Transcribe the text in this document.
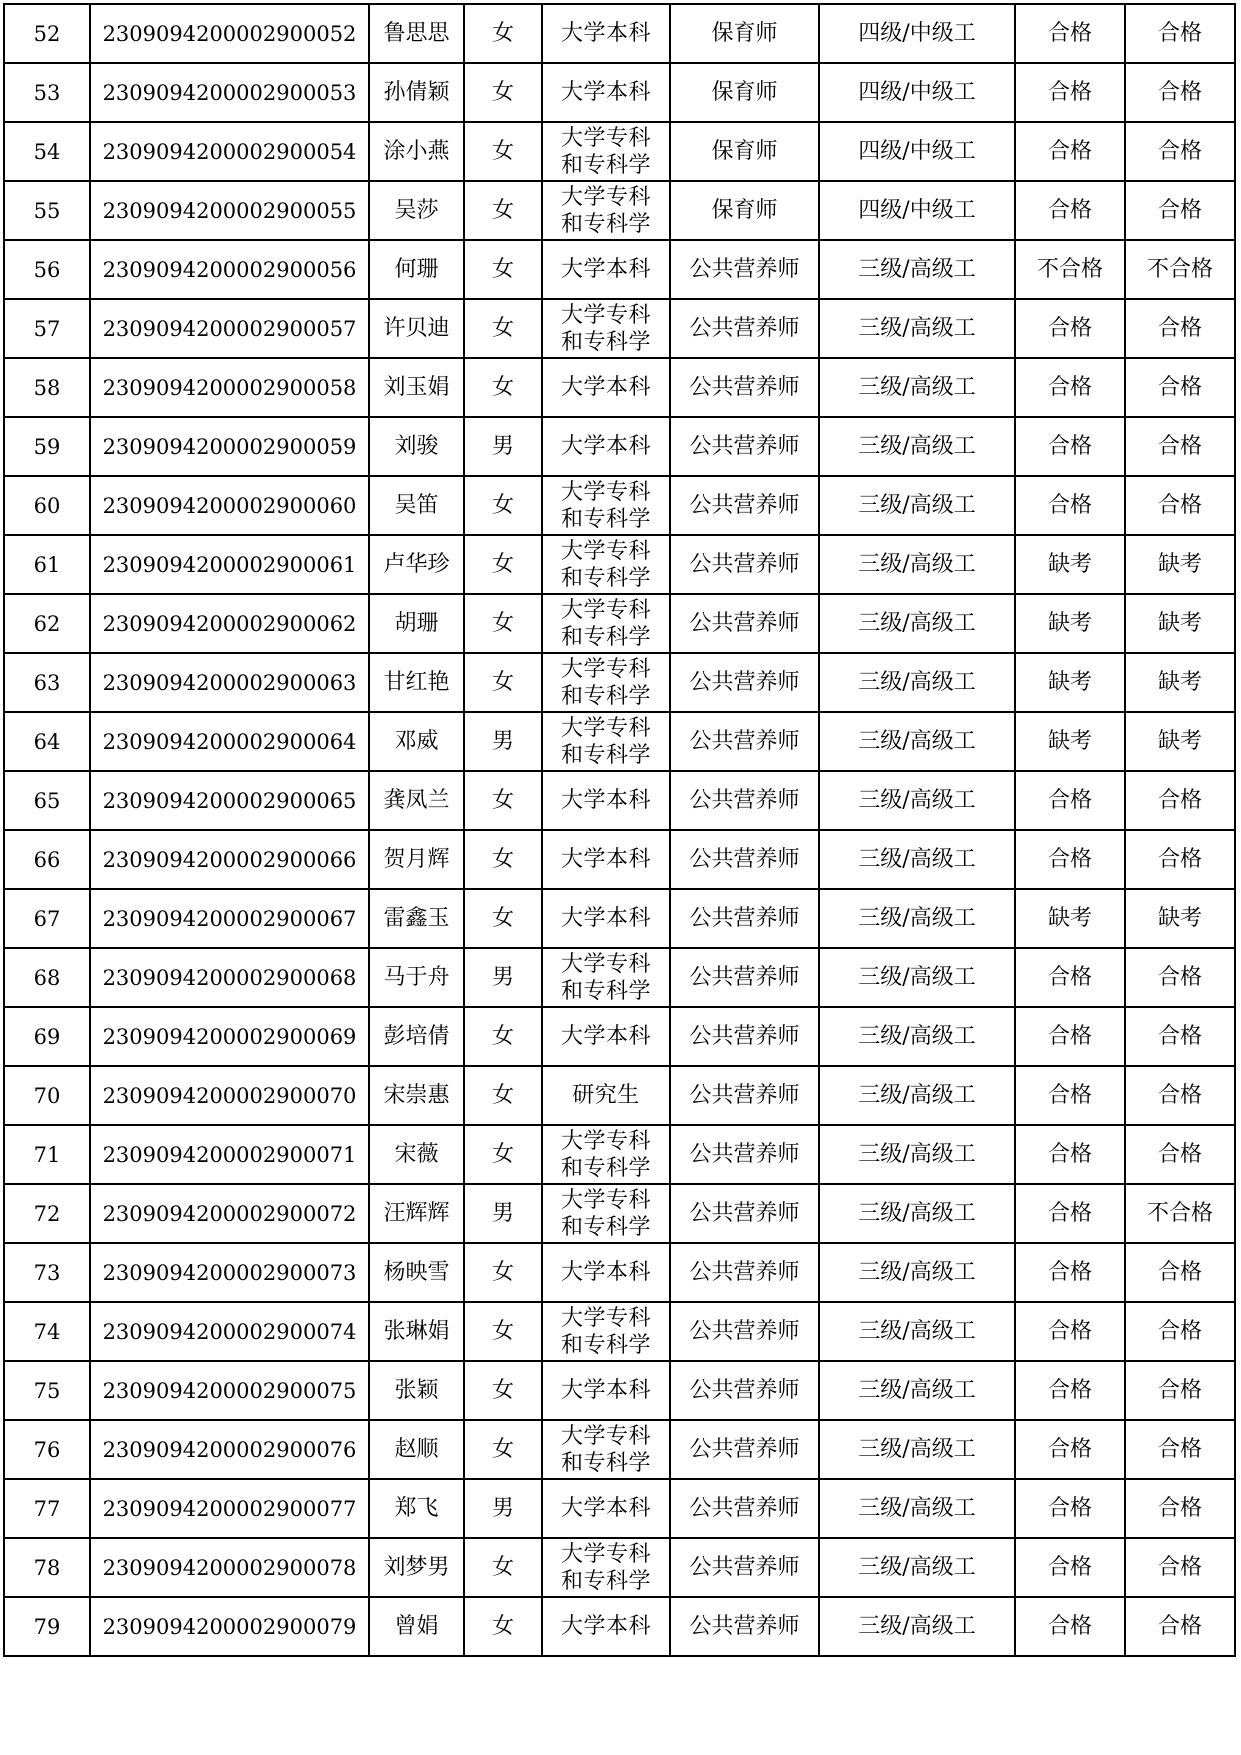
52	2309094200002900052	鲁思思	女	大学本科	保育师	四级/中级工	合格	合格
53	2309094200002900053	孙倩颖	女	大学本科	保育师	四级/中级工	合格	合格
54	2309094200002900054	涂小燕	女	大学专科
和专科学	保育师	四级/中级工	合格	合格
55	2309094200002900055	吴莎	女	大学专科
和专科学	保育师	四级/中级工	合格	合格
56	2309094200002900056	何珊	女	大学本科	公共营养师	三级/高级工	不合格	不合格
57	2309094200002900057	许贝迪	女	大学专科
和专科学	公共营养师	三级/高级工	合格	合格
58	2309094200002900058	刘玉娟	女	大学本科	公共营养师	三级/高级工	合格	合格
59	2309094200002900059	刘骏	男	大学本科	公共营养师	三级/高级工	合格	合格
60	2309094200002900060	吴笛	女	大学专科
和专科学	公共营养师	三级/高级工	合格	合格
61	2309094200002900061	卢华珍	女	大学专科
和专科学	公共营养师	三级/高级工	缺考	缺考
62	2309094200002900062	胡珊	女	大学专科
和专科学	公共营养师	三级/高级工	缺考	缺考
63	2309094200002900063	甘红艳	女	大学专科
和专科学	公共营养师	三级/高级工	缺考	缺考
64	2309094200002900064	邓威	男	大学专科
和专科学	公共营养师	三级/高级工	缺考	缺考
65	2309094200002900065	龚凤兰	女	大学本科	公共营养师	三级/高级工	合格	合格
66	2309094200002900066	贺月辉	女	大学本科	公共营养师	三级/高级工	合格	合格
67	2309094200002900067	雷鑫玉	女	大学本科	公共营养师	三级/高级工	缺考	缺考
68	2309094200002900068	马于舟	男	大学专科
和专科学	公共营养师	三级/高级工	合格	合格
69	2309094200002900069	彭培倩	女	大学本科	公共营养师	三级/高级工	合格	合格
70	2309094200002900070	宋崇惠	女	研究生	公共营养师	三级/高级工	合格	合格
71	2309094200002900071	宋薇	女	大学专科
和专科学	公共营养师	三级/高级工	合格	合格
72	2309094200002900072	汪辉辉	男	大学专科
和专科学	公共营养师	三级/高级工	合格	不合格
73	2309094200002900073	杨映雪	女	大学本科	公共营养师	三级/高级工	合格	合格
74	2309094200002900074	张琳娟	女	大学专科
和专科学	公共营养师	三级/高级工	合格	合格
75	2309094200002900075	张颖	女	大学本科	公共营养师	三级/高级工	合格	合格
76	2309094200002900076	赵顺	女	大学专科
和专科学	公共营养师	三级/高级工	合格	合格
77	2309094200002900077	郑飞	男	大学本科	公共营养师	三级/高级工	合格	合格
78	2309094200002900078	刘梦男	女	大学专科
和专科学	公共营养师	三级/高级工	合格	合格
79	2309094200002900079	曾娟	女	大学本科	公共营养师	三级/高级工	合格	合格
